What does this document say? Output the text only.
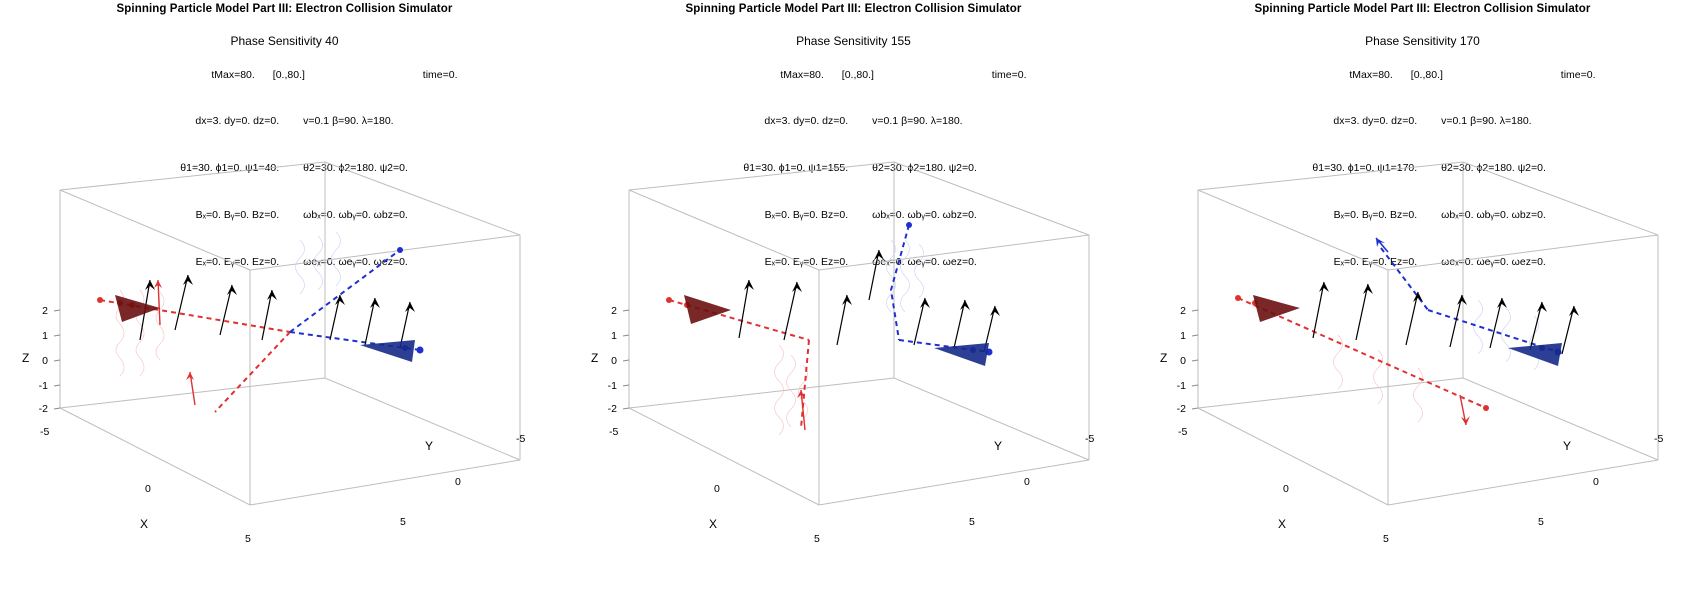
Spinning Particle Model Part III: Electron Collision Simulator
Phase Sensitivity 40

tMax=80. [0.,80.]	time=0.

dx=3. dy=0. dz=0. v=0.1 β=90. λ=180.

θ1=30. ϕ1=0. ψ1=40. θ2=30. ϕ2=180. ψ2=0.

Bₓ=0. Bᵧ=0. Bᴢ=0. ωbₓ=0. ωbᵧ=0. ωbᴢ=0.

Eₓ=0. Eᵧ=0. Eᴢ=0. ωeₓ=0. ωeᵧ=0. ωeᴢ=0.

2
1
0
-1
-2
Z
-5
0
5
X	5
0
-5
Y
Spinning Particle Model Part III: Electron Collision Simulator
Phase Sensitivity 155

tMax=80. [0.,80.]	time=0.

dx=3. dy=0. dz=0. v=0.1 β=90. λ=180.

θ1=30. ϕ1=0. ψ1=155. θ2=30. ϕ2=180. ψ2=0.

Bₓ=0. Bᵧ=0. Bᴢ=0. ωbₓ=0. ωbᵧ=0. ωbᴢ=0.

Eₓ=0. Eᵧ=0. Eᴢ=0. ωeₓ=0. ωeᵧ=0. ωeᴢ=0.

2
1
0
-1
-2
Z
-5
0
5
X	5
0
-5
Y
Spinning Particle Model Part III: Electron Collision Simulator
Phase Sensitivity 170

tMax=80. [0.,80.]	time=0.

dx=3. dy=0. dz=0. v=0.1 β=90. λ=180.

θ1=30. ϕ1=0. ψ1=170. θ2=30. ϕ2=180. ψ2=0.

Bₓ=0. Bᵧ=0. Bᴢ=0. ωbₓ=0. ωbᵧ=0. ωbᴢ=0.

Eₓ=0. Eᵧ=0. Eᴢ=0. ωeₓ=0. ωeᵧ=0. ωeᴢ=0.

2
1
0
-1
-2
Z
-5
0
5
X	5
0
-5
Y
